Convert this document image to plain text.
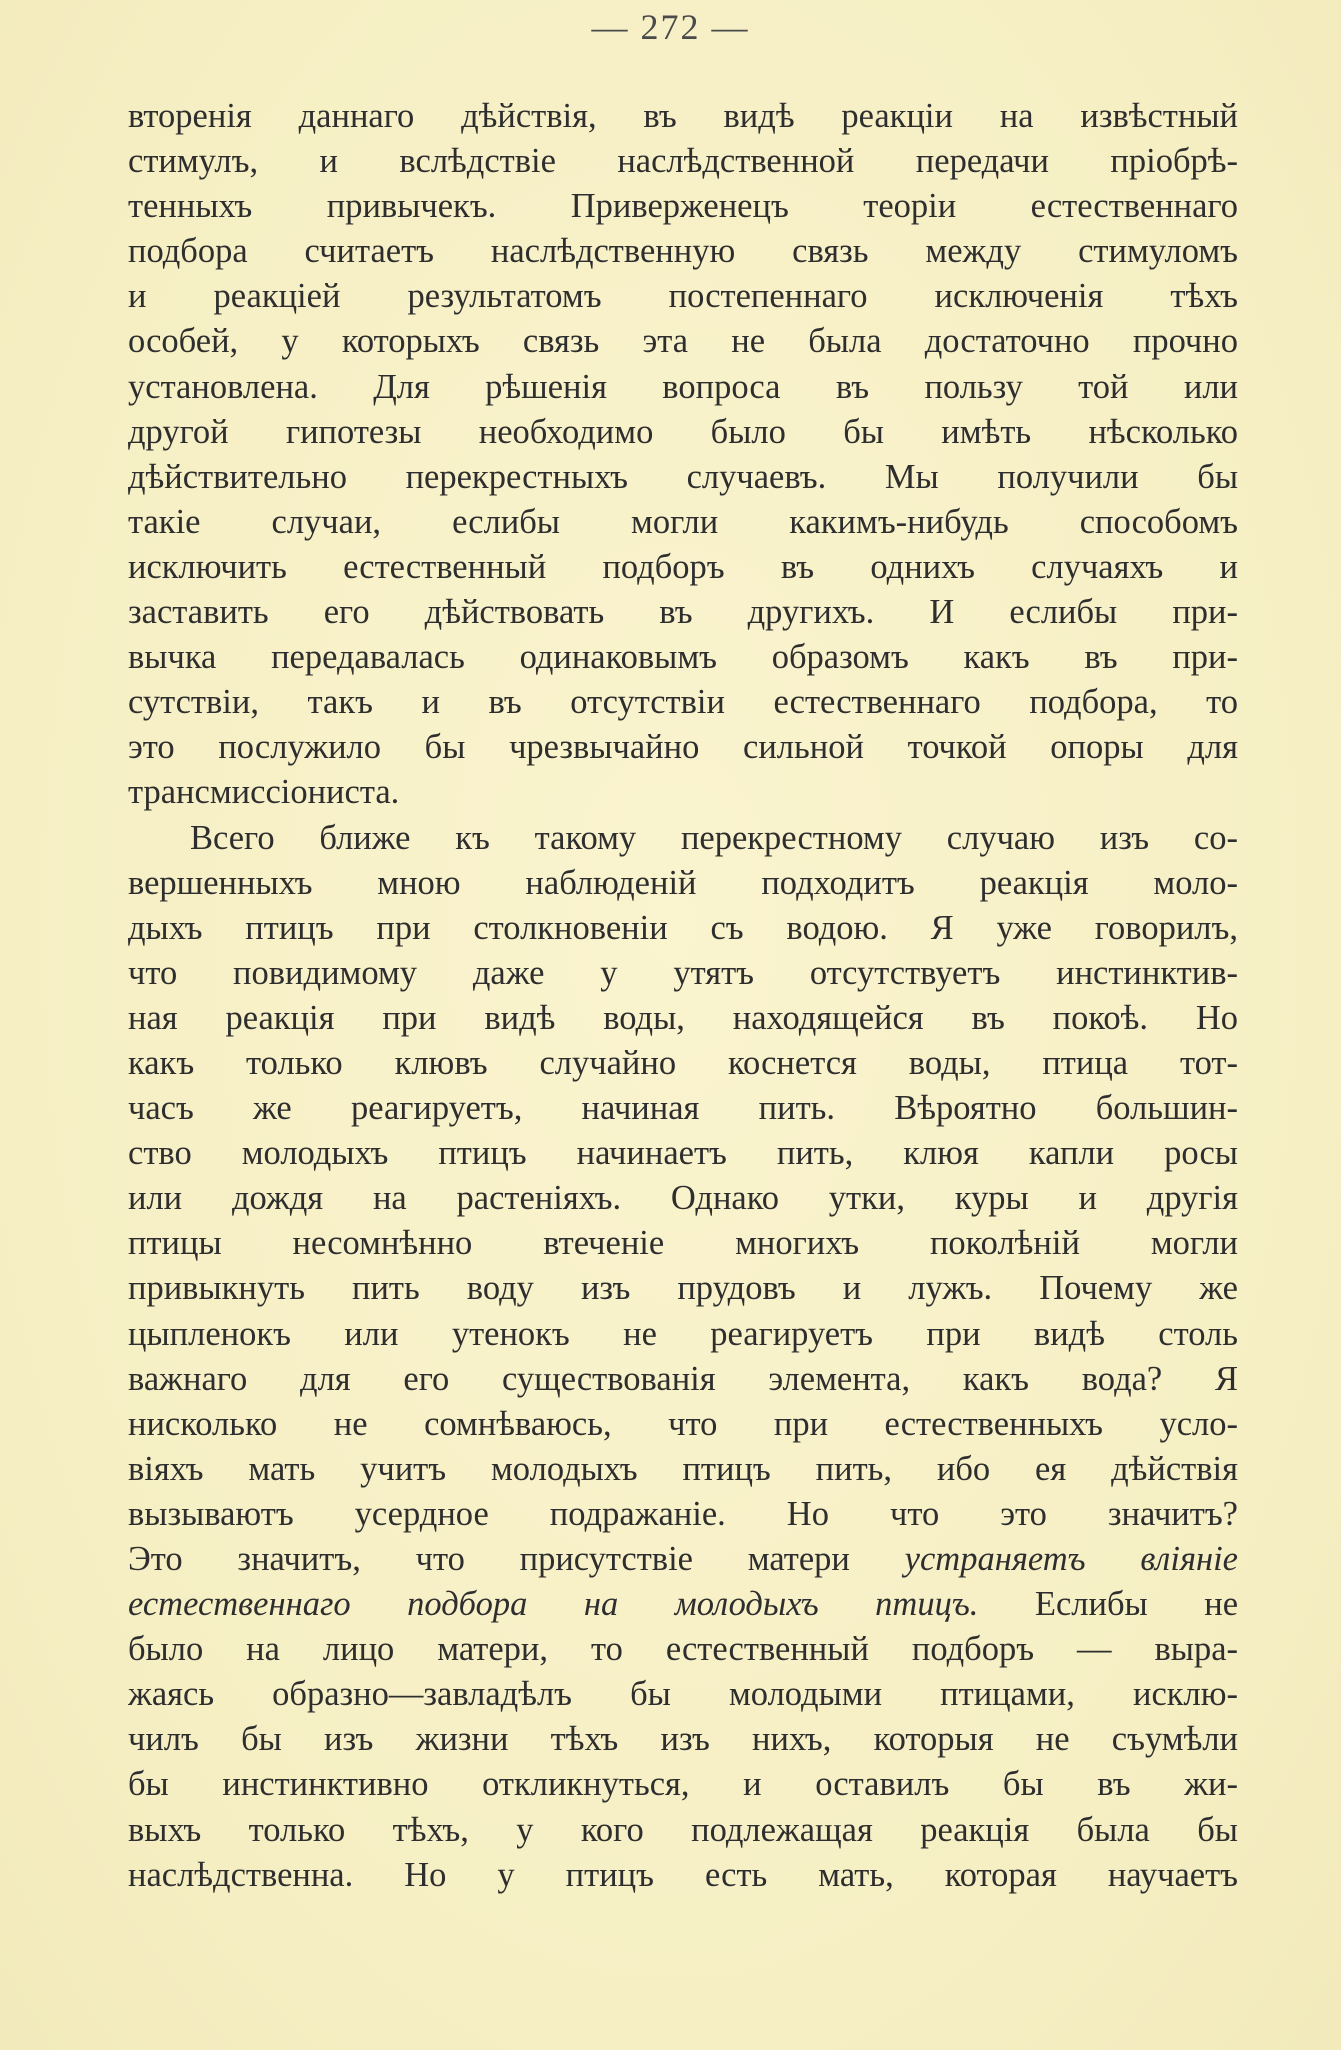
— 272 —
вторенія даннаго дѣйствія, въ видѣ реакціи на извѣстный
стимулъ, и вслѣдствіе наслѣдственной передачи пріобрѣ-
тенныхъ привычекъ. Приверженецъ теоріи естественнаго
подбора считаетъ наслѣдственную связь между стимуломъ
и реакціей результатомъ постепеннаго исключенія тѣхъ
особей, у которыхъ связь эта не была достаточно прочно
установлена. Для рѣшенія вопроса въ пользу той или
другой гипотезы необходимо было бы имѣть нѣсколько
дѣйствительно перекрестныхъ случаевъ. Мы получили бы
такіе случаи, еслибы могли какимъ-нибудь способомъ
исключить естественный подборъ въ однихъ случаяхъ и
заставить его дѣйствовать въ другихъ. И еслибы при-
вычка передавалась одинаковымъ образомъ какъ въ при-
сутствіи, такъ и въ отсутствіи естественнаго подбора, то
это послужило бы чрезвычайно сильной точкой опоры для
трансмиссіониста.
Всего ближе къ такому перекрестному случаю изъ со-
вершенныхъ мною наблюденій подходитъ реакція моло-
дыхъ птицъ при столкновеніи съ водою. Я уже говорилъ,
что повидимому даже у утятъ отсутствуетъ инстинктив-
ная реакція при видѣ воды, находящейся въ покоѣ. Но
какъ только клювъ случайно коснется воды, птица тот-
часъ же реагируетъ, начиная пить. Вѣроятно большин-
ство молодыхъ птицъ начинаетъ пить, клюя капли росы
или дождя на растеніяхъ. Однако утки, куры и другія
птицы несомнѣнно втеченіе многихъ поколѣній могли
привыкнуть пить воду изъ прудовъ и лужъ. Почему же
цыпленокъ или утенокъ не реагируетъ при видѣ столь
важнаго для его существованія элемента, какъ вода? Я
нисколько не сомнѣваюсь, что при естественныхъ усло-
віяхъ мать учитъ молодыхъ птицъ пить, ибо ея дѣйствія
вызываютъ усердное подражаніе. Но что это значитъ?
Это значитъ, что присутствіе матери устраняетъ вліяніе
естественнаго подбора на молодыхъ птицъ. Еслибы не
было на лицо матери, то естественный подборъ — выра-
жаясь образно—завладѣлъ бы молодыми птицами, исклю-
чилъ бы изъ жизни тѣхъ изъ нихъ, которыя не съумѣли
бы инстинктивно откликнуться, и оставилъ бы въ жи-
выхъ только тѣхъ, у кого подлежащая реакція была бы
наслѣдственна. Но у птицъ есть мать, которая научаетъ
